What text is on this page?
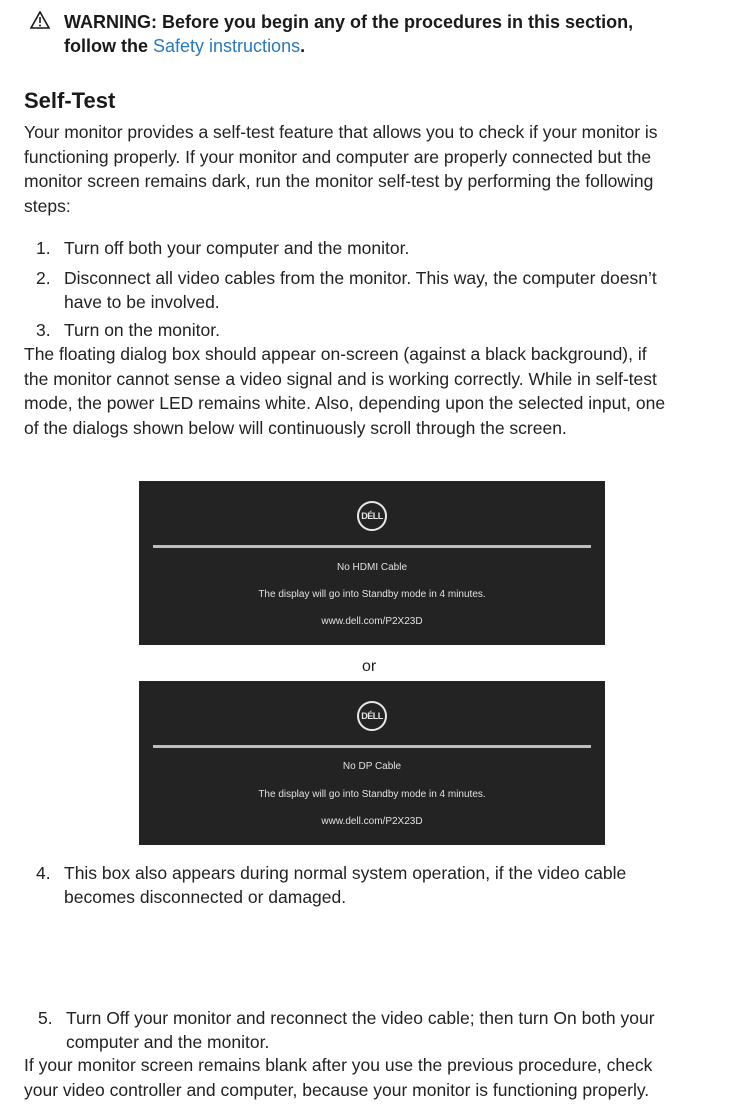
WARNING: Before you begin any of the procedures in this section,
follow the Safety instructions.
Self-Test
Your monitor provides a self-test feature that allows you to check if your monitor is
functioning properly. If your monitor and computer are properly connected but the
monitor screen remains dark, run the monitor self-test by performing the following
steps:
1. Turn off both your computer and the monitor.
2. Disconnect all video cables from the monitor. This way, the computer doesn’t
have to be involved.
3. Turn on the monitor.
The floating dialog box should appear on-screen (against a black background), if
the monitor cannot sense a video signal and is working correctly. While in self-test
mode, the power LED remains white. Also, depending upon the selected input, one
of the dialogs shown below will continuously scroll through the screen.
DÉLL
No HDMI Cable
The display will go into Standby mode in 4 minutes.
www.dell.com/P2X23D
or
DÉLL
No DP Cable
The display will go into Standby mode in 4 minutes.
www.dell.com/P2X23D
4. This box also appears during normal system operation, if the video cable
becomes disconnected or damaged.
5. Turn Off your monitor and reconnect the video cable; then turn On both your
computer and the monitor.
If your monitor screen remains blank after you use the previous procedure, check
your video controller and computer, because your monitor is functioning properly.
